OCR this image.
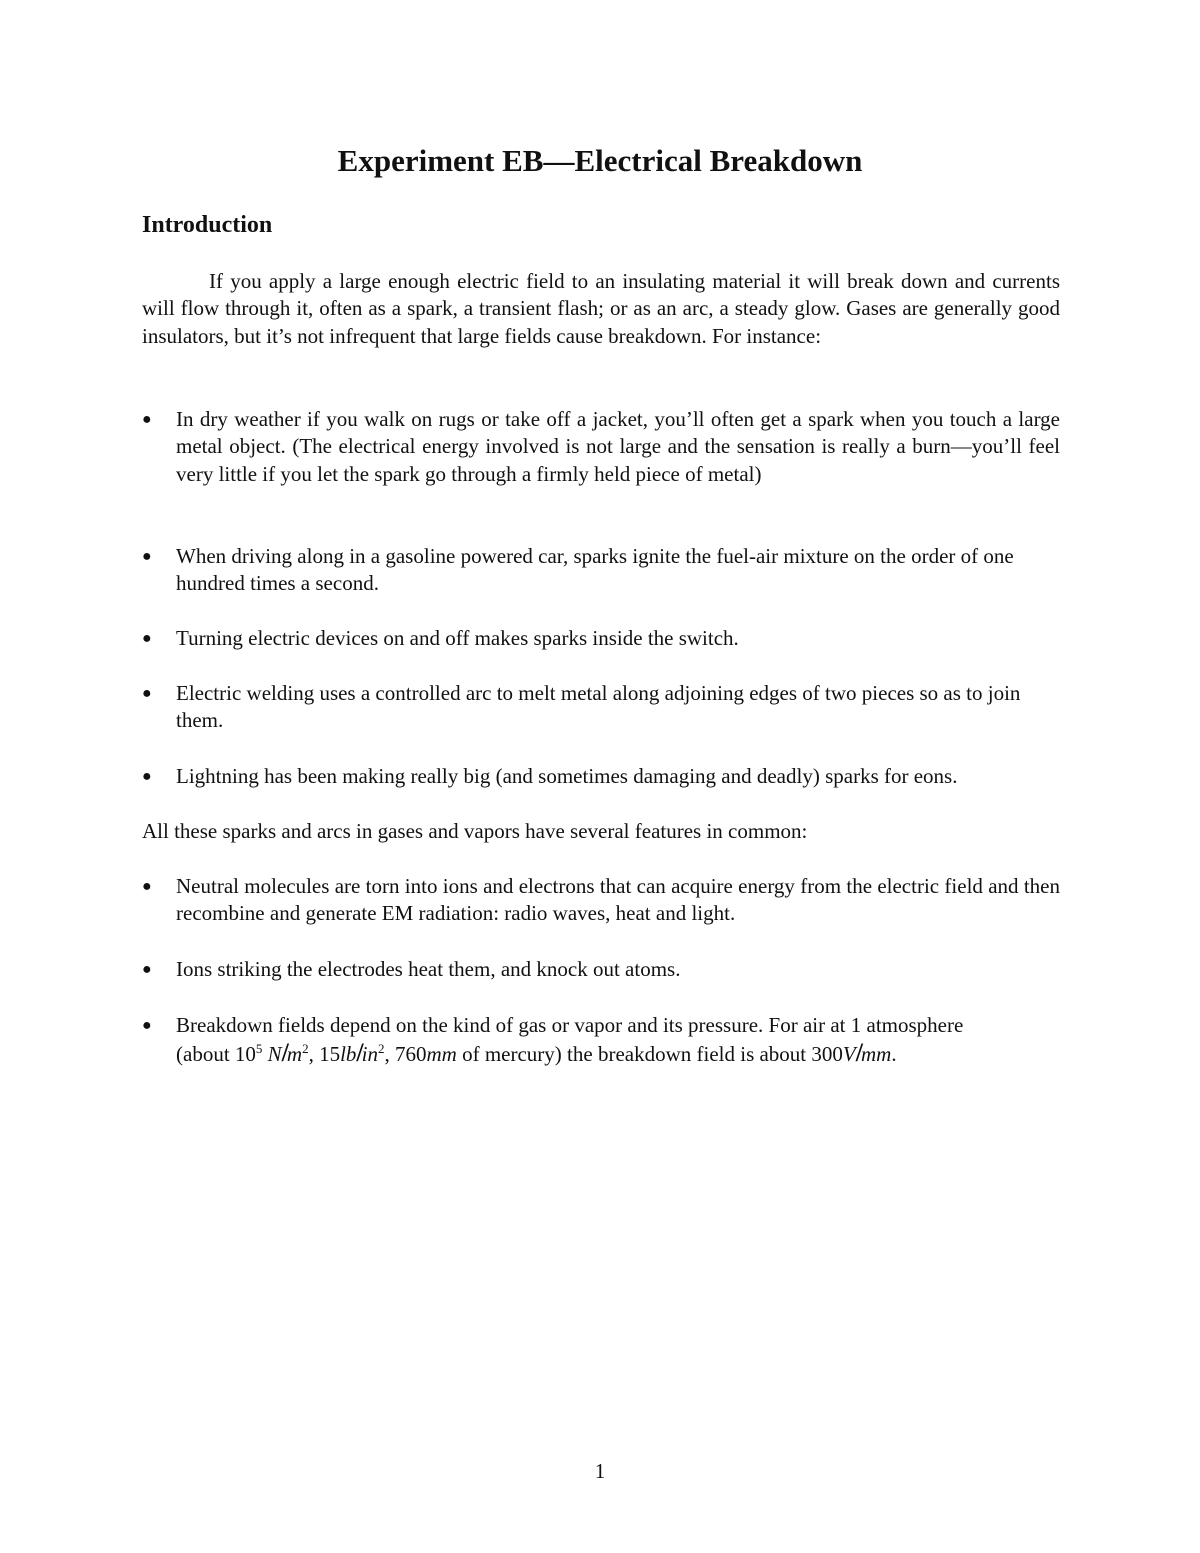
Experiment EB—Electrical Breakdown
Introduction

If you apply a large enough electric field to an insulating material it will break down and currents will flow through it, often as a spark, a transient flash; or as an arc, a steady glow. Gases are generally good insulators, but it’s not infrequent that large fields cause breakdown. For instance:

●	In dry weather if you walk on rugs or take off a jacket, you’ll often get a spark when you touch a large metal object. (The electrical energy involved is not large and the sensation is really a burn—you’ll feel very little if you let the spark go through a firmly held piece of metal)
●	When driving along in a gasoline powered car, sparks ignite the fuel-air mixture on the order of one hundred times a second.
●	Turning electric devices on and off makes sparks inside the switch.
●	Electric welding uses a controlled arc to melt metal along adjoining edges of two pieces so as to join them.
●	Lightning has been making really big (and sometimes damaging and deadly) sparks for eons.

All these sparks and arcs in gases and vapors have several features in common:

●	Neutral molecules are torn into ions and electrons that can acquire energy from the electric field and then recombine and generate EM radiation: radio waves, heat and light.
●	Ions striking the electrodes heat them, and knock out atoms.
●	Breakdown fields depend on the kind of gas or vapor and its pressure. For air at 1 atmosphere
(about $10^5$ $N/m^2$, $15lb/in^2$, 760mm of mercury) the breakdown field is about 300V/mm.

1
